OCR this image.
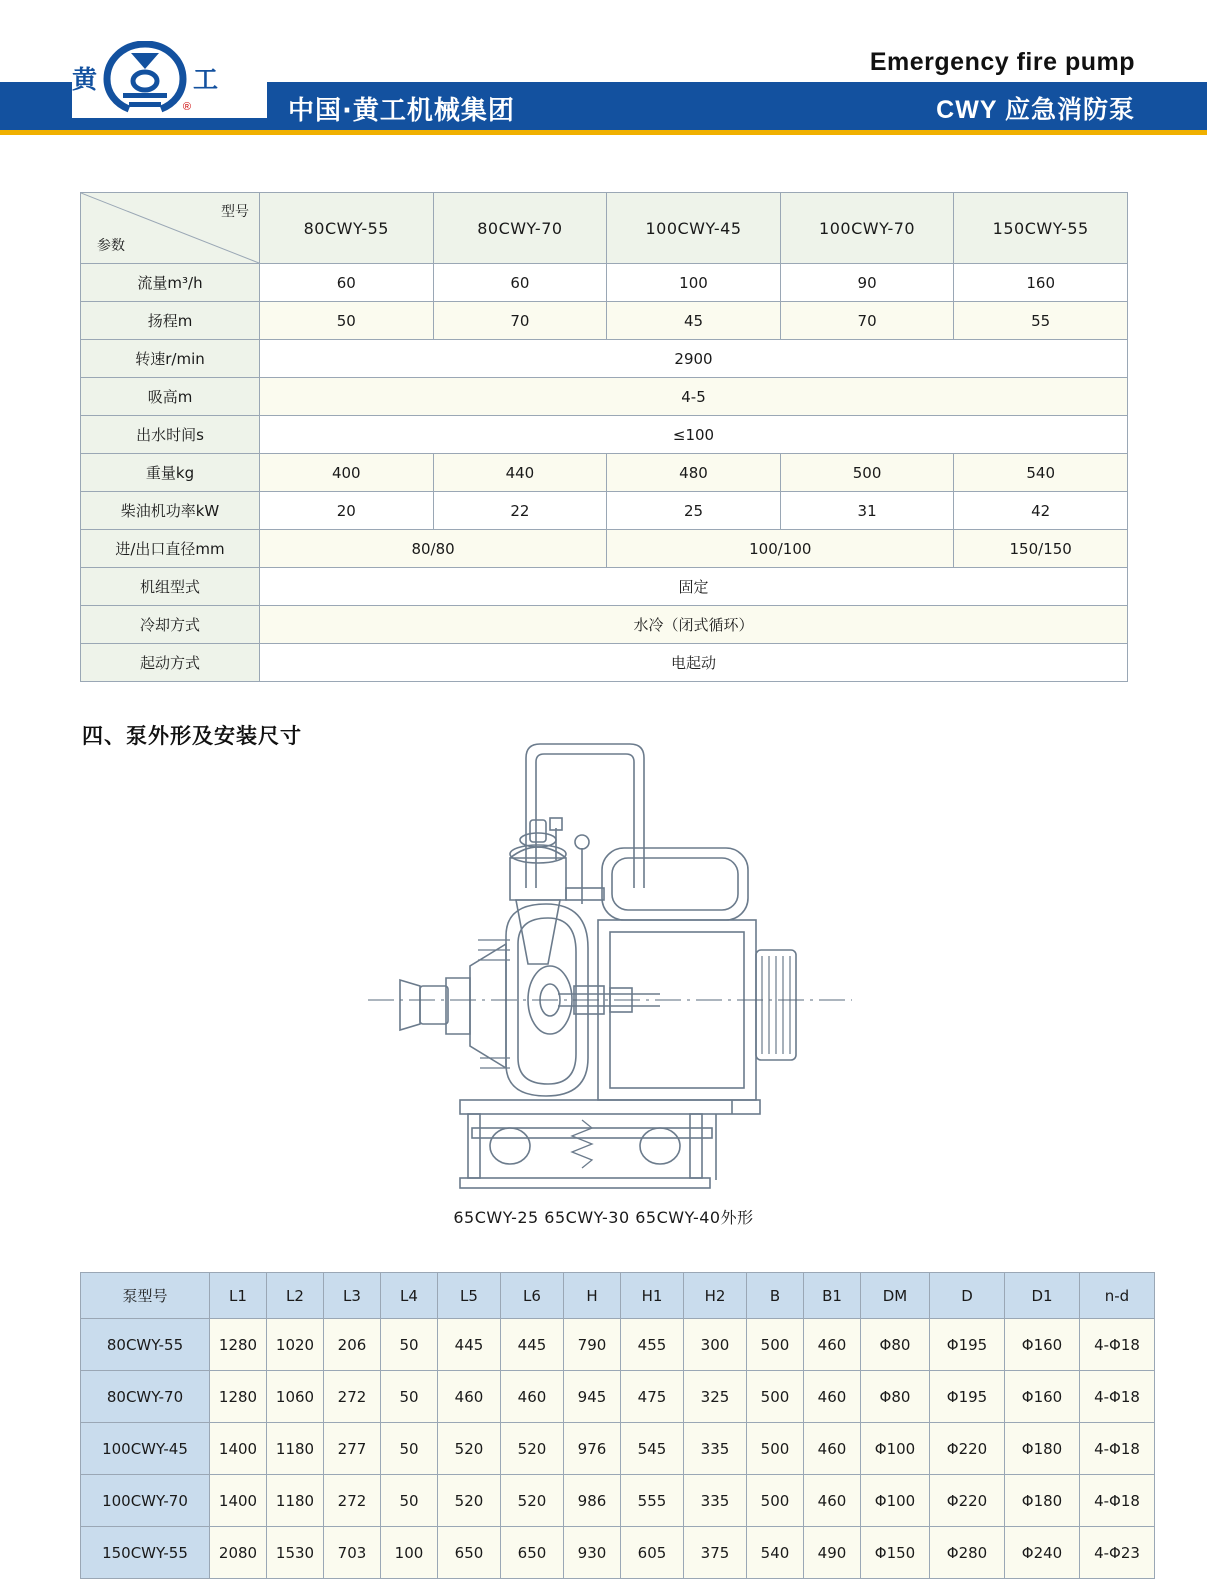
黄
®
工
中国·黄工机械集团
Emergency fire pump
CWY 应急消防泵
型号
参数	80CWY-55	80CWY-70	100CWY-45	100CWY-70	150CWY-55
流量m³/h	60	60	100	90	160
扬程m	50	70	45	70	55
转速r/min	2900				
吸高m	4-5				
出水时间s	≤100				
重量kg	400	440	480	500	540
柴油机功率kW	20	22	25	31	42
进/出口直径mm	80/80		100/100		150/150
机组型式	固定				
冷却方式	水冷（闭式循环）				
起动方式	电起动				
四、泵外形及安装尺寸
65CWY-25 65CWY-30 65CWY-40外形
泵型号	L1	L2	L3	L4	L5	L6	H	H1	H2	B	B1	DM	D	D1	n-d
80CWY-55	1280	1020	206	50	445	445	790	455	300	500	460	Φ80	Φ195	Φ160	4-Φ18
80CWY-70	1280	1060	272	50	460	460	945	475	325	500	460	Φ80	Φ195	Φ160	4-Φ18
100CWY-45	1400	1180	277	50	520	520	976	545	335	500	460	Φ100	Φ220	Φ180	4-Φ18
100CWY-70	1400	1180	272	50	520	520	986	555	335	500	460	Φ100	Φ220	Φ180	4-Φ18
150CWY-55	2080	1530	703	100	650	650	930	605	375	540	490	Φ150	Φ280	Φ240	4-Φ23
